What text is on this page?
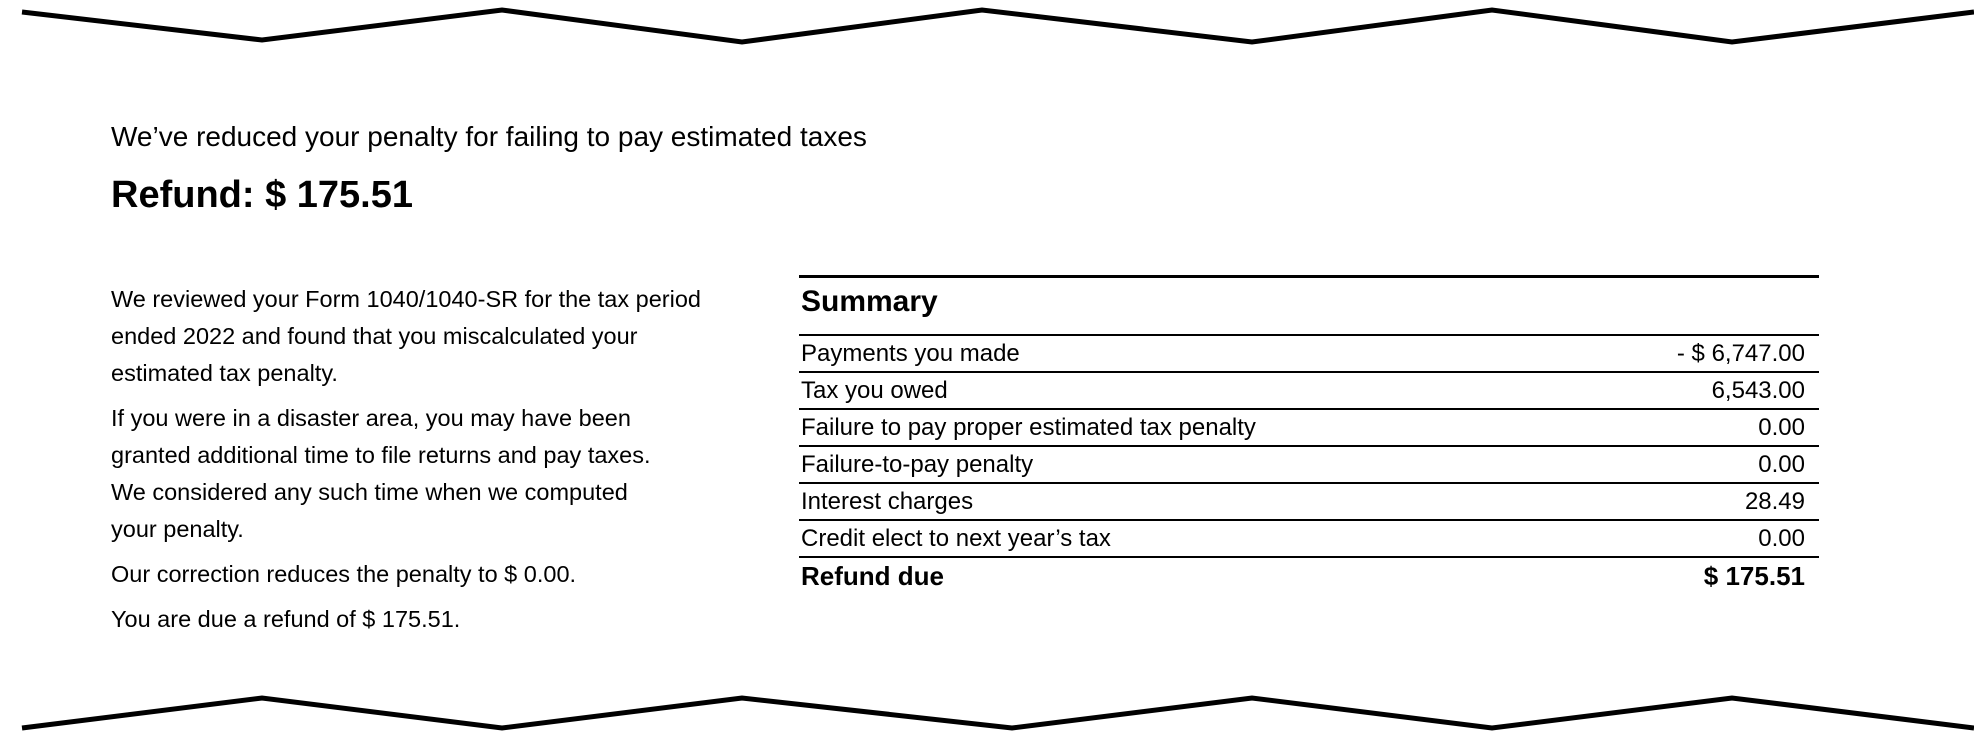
We’ve reduced your penalty for failing to pay estimated taxes
Refund: $ 175.51

We reviewed your Form 1040/1040-SR for the tax period ended 2022 and found that you miscalculated your estimated tax penalty.

If you were in a disaster area, you may have been granted additional time to file returns and pay taxes. We considered any such time when we computed your penalty.

Our correction reduces the penalty to $ 0.00.

You are due a refund of $ 175.51.

Summary
Payments you made	- $ 6,747.00
Tax you owed	6,543.00
Failure to pay proper estimated tax penalty	0.00
Failure-to-pay penalty	0.00
Interest charges	28.49
Credit elect to next year’s tax	0.00
Refund due	$ 175.51
